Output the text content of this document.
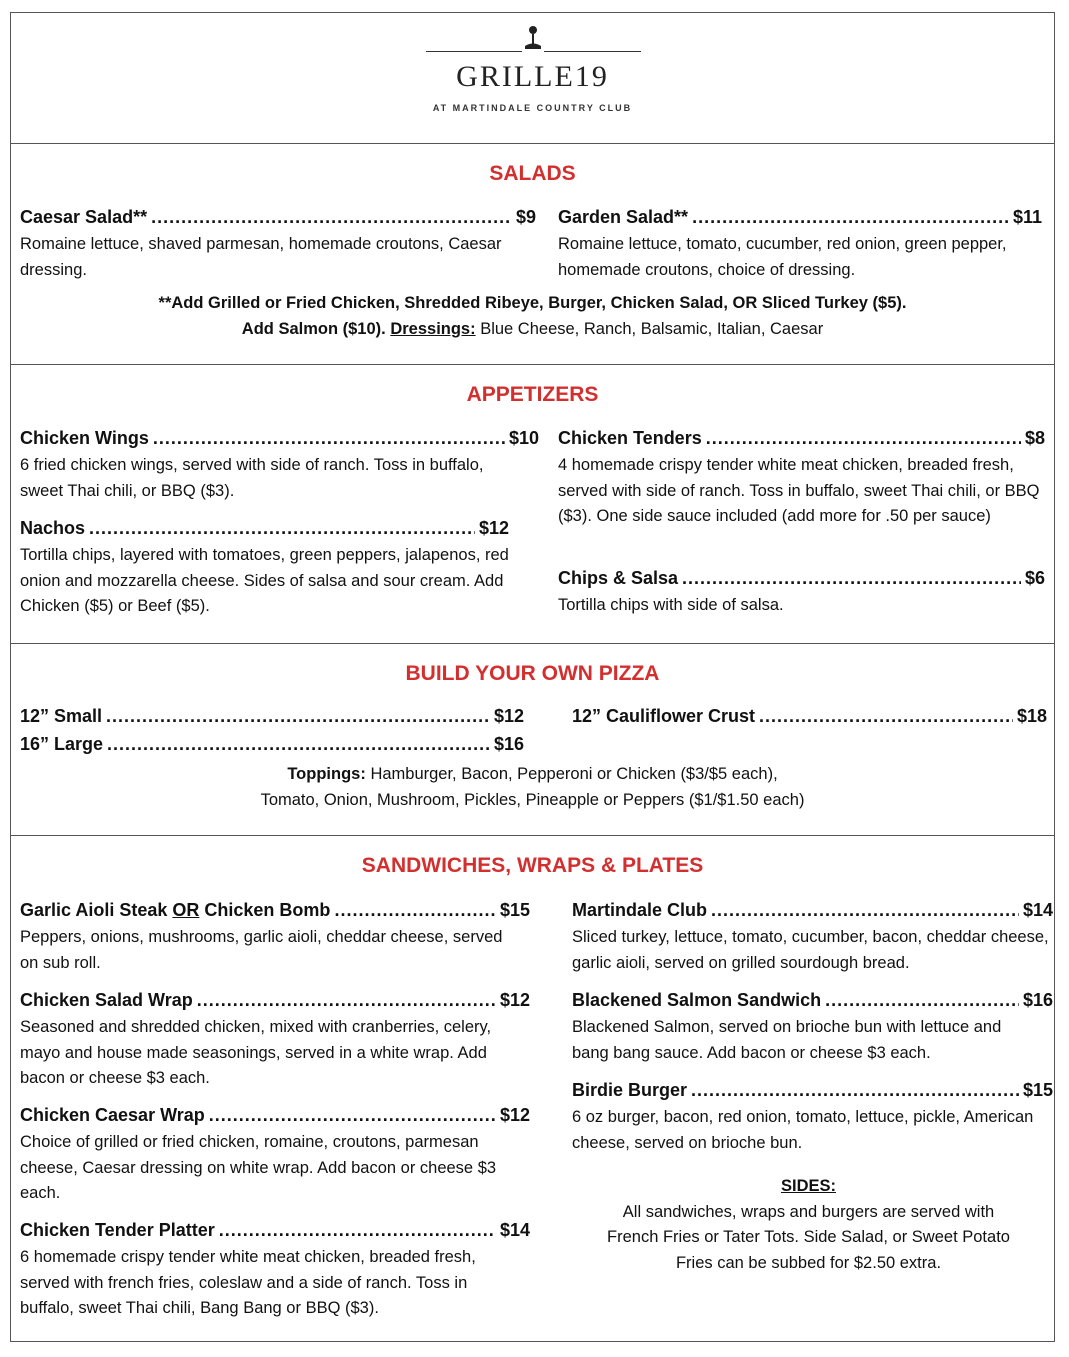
GRILLE19
AT MARTINDALE COUNTRY CLUB
SALADS
Caesar Salad** .....	$9
Romaine lettuce, shaved parmesan, homemade croutons, Caesar dressing.
Garden Salad** .....	$11
Romaine lettuce, tomato, cucumber, red onion, green pepper, homemade croutons, choice of dressing.
**Add Grilled or Fried Chicken, Shredded Ribeye, Burger, Chicken Salad, OR Sliced Turkey ($5).
Add Salmon ($10). Dressings: Blue Cheese, Ranch, Balsamic, Italian, Caesar
APPETIZERS
Chicken Wings .....	$10
6 fried chicken wings, served with side of ranch. Toss in buffalo, sweet Thai chili, or BBQ ($3).
Nachos .....	$12
Tortilla chips, layered with tomatoes, green peppers, jalapenos, red onion and mozzarella cheese. Sides of salsa and sour cream. Add Chicken ($5) or Beef ($5).
Chicken Tenders .....	$8
4 homemade crispy tender white meat chicken, breaded fresh, served with side of ranch. Toss in buffalo, sweet Thai chili, or BBQ ($3). One side sauce included (add more for .50 per sauce)
Chips & Salsa .....	$6
Tortilla chips with side of salsa.
BUILD YOUR OWN PIZZA
12” Small .....	$12
16” Large .....	$16
12” Cauliflower Crust .....	$18
Toppings: Hamburger, Bacon, Pepperoni or Chicken ($3/$5 each),
Tomato, Onion, Mushroom, Pickles, Pineapple or Peppers ($1/$1.50 each)
SANDWICHES, WRAPS & PLATES
Garlic Aioli Steak OR Chicken Bomb .....	$15
Peppers, onions, mushrooms, garlic aioli, cheddar cheese, served on sub roll.
Chicken Salad Wrap .....	$12
Seasoned and shredded chicken, mixed with cranberries, celery, mayo and house made seasonings, served in a white wrap. Add bacon or cheese $3 each.
Chicken Caesar Wrap .....	$12
Choice of grilled or fried chicken, romaine, croutons, parmesan cheese, Caesar dressing on white wrap. Add bacon or cheese $3 each.
Chicken Tender Platter .....	$14
6 homemade crispy tender white meat chicken, breaded fresh, served with french fries, coleslaw and a side of ranch. Toss in buffalo, sweet Thai chili, Bang Bang or BBQ ($3).
Martindale Club .....	$14
Sliced turkey, lettuce, tomato, cucumber, bacon, cheddar cheese, garlic aioli, served on grilled sourdough bread.
Blackened Salmon Sandwich .....	$16
Blackened Salmon, served on brioche bun with lettuce and bang bang sauce. Add bacon or cheese $3 each.
Birdie Burger .....	$15
6 oz burger, bacon, red onion, tomato, lettuce, pickle, American cheese, served on brioche bun.
SIDES:
All sandwiches, wraps and burgers are served with
French Fries or Tater Tots. Side Salad, or Sweet Potato
Fries can be subbed for $2.50 extra.
